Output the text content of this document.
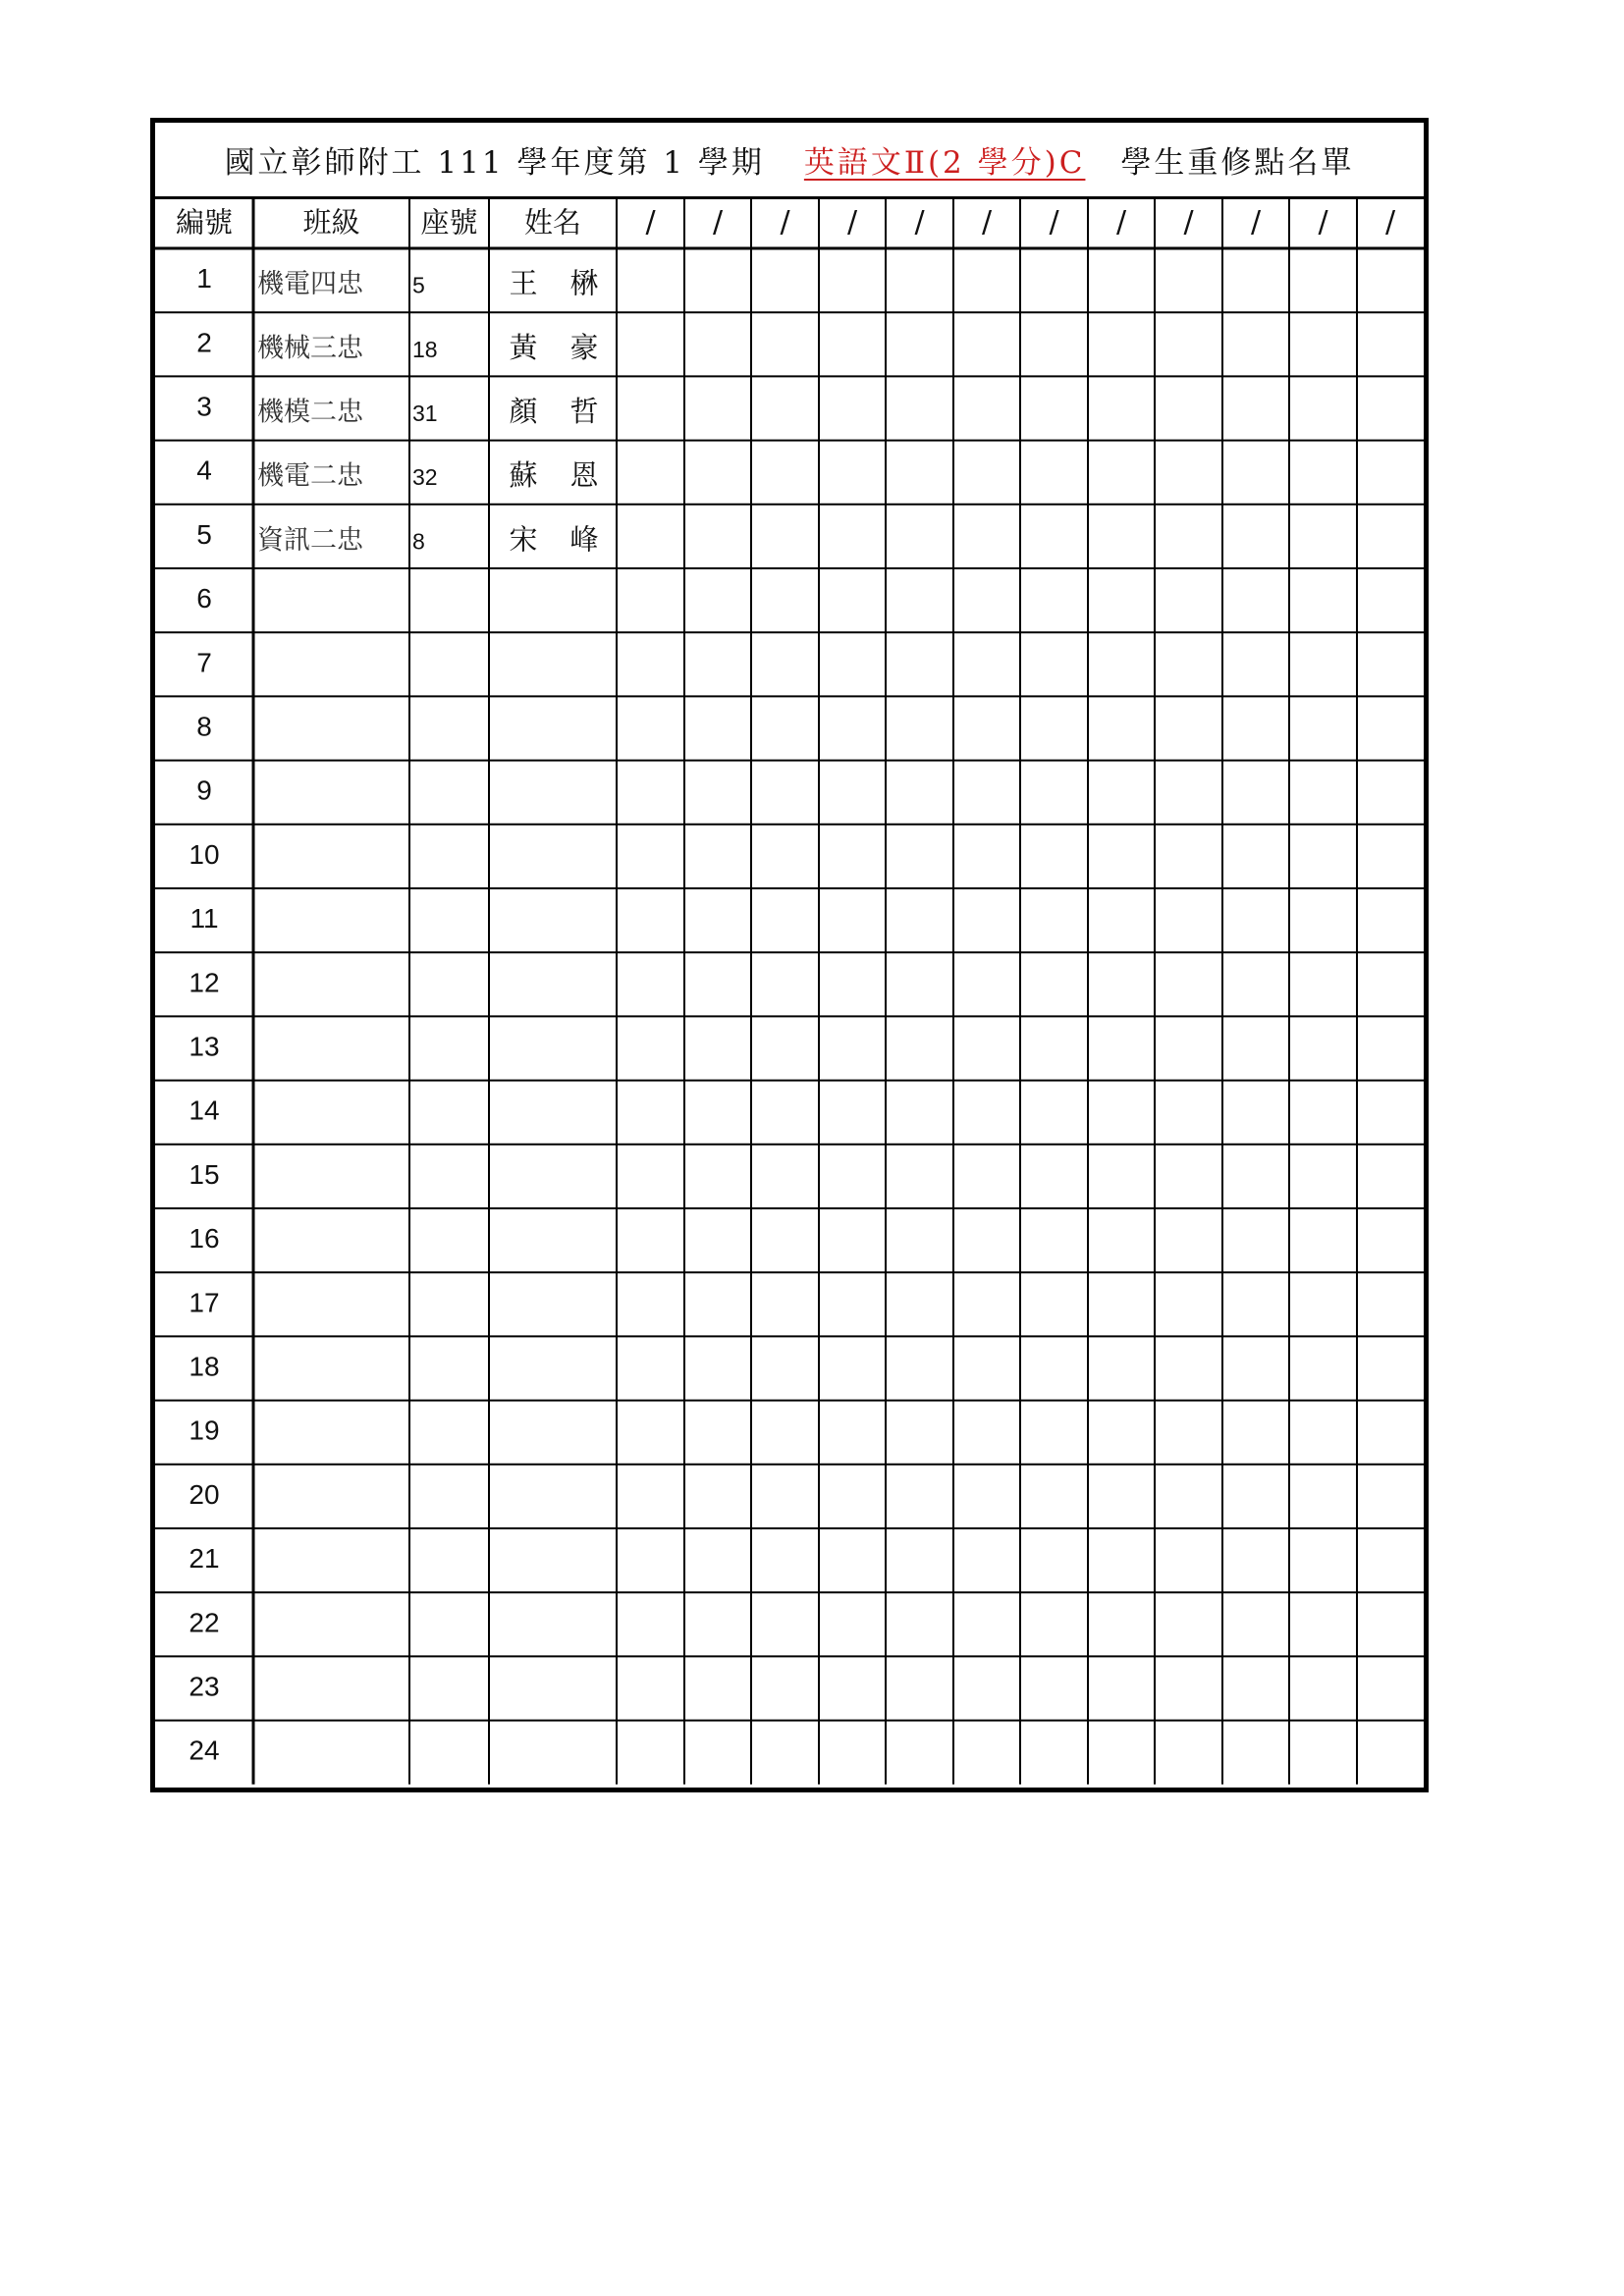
國立彰師附工 111 學年度第 1 學期 英語文Ⅱ(2 學分)C 學生重修點名單
編號 班級 座號 姓名 / / / / / / / / / / / /
1 機電四忠 5	王 楙
2 機械三忠 18	黃 豪
3 機模二忠 31	顏 哲
4 機電二忠 32	蘇 恩
5 資訊二忠 8	宋 峰
6
7
8
9
10
11
12
13
14
15
16
17
18
19
20
21
22
23
24
